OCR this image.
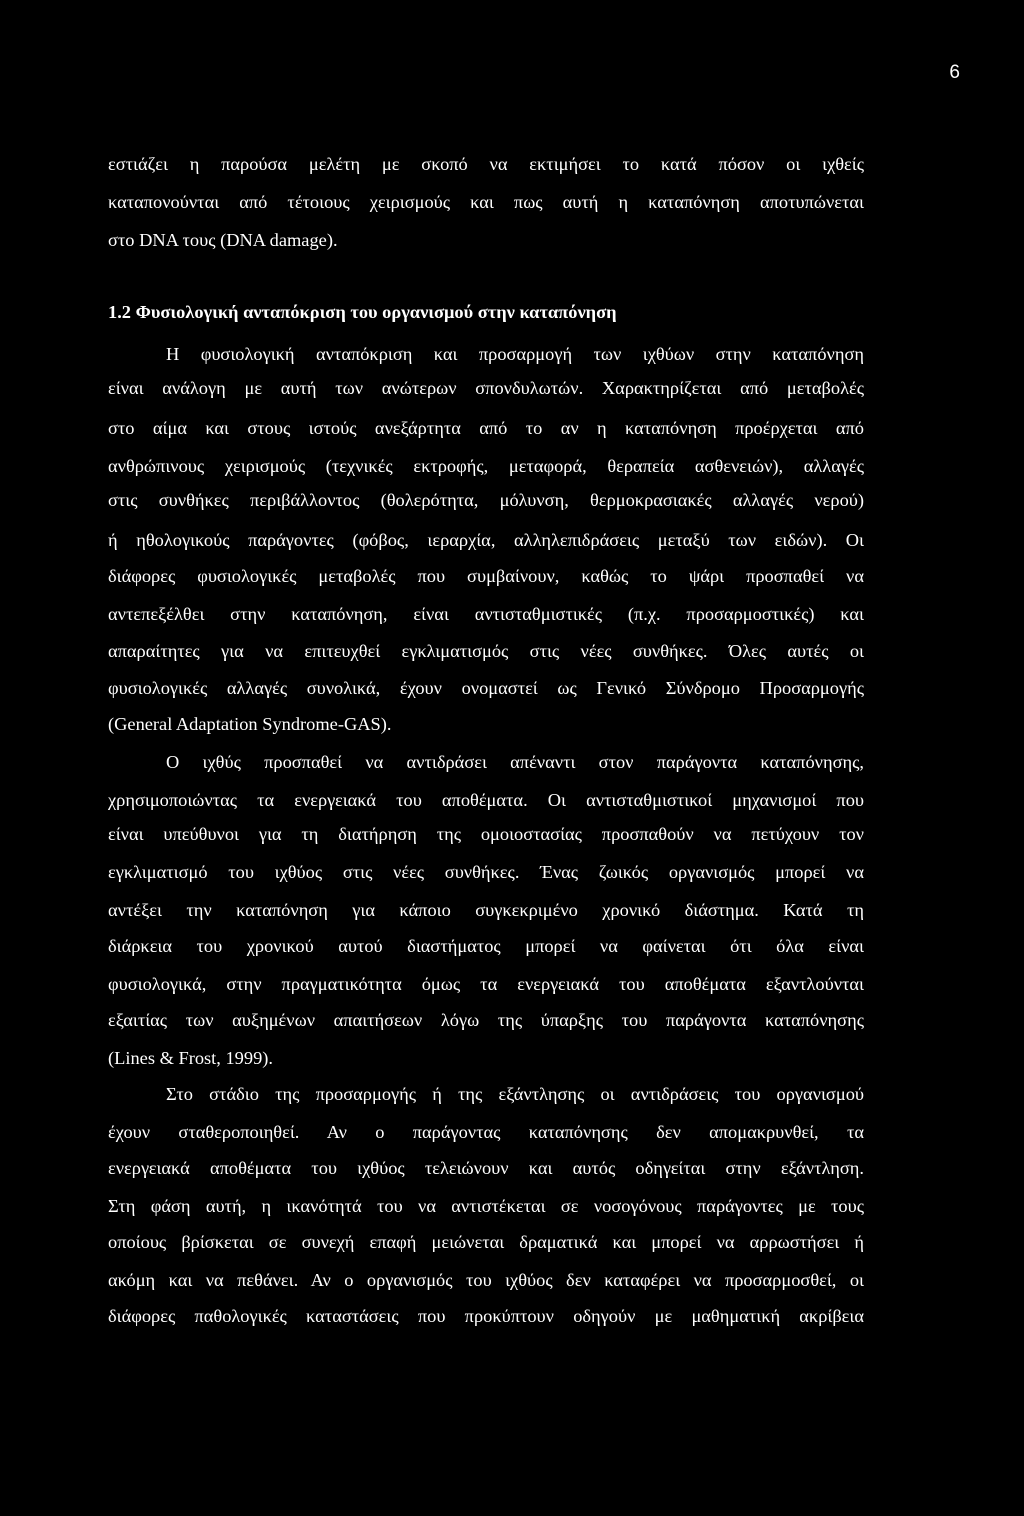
6
εστιάζει η παρούσα μελέτη με σκοπό να εκτιμήσει το κατά πόσον οι ιχθείς
καταπονούνται από τέτοιους χειρισμούς και πως αυτή η καταπόνηση αποτυπώνεται
στο DNA τους (DNA damage).
1.2 Φυσιολογική ανταπόκριση του οργανισμού στην καταπόνηση
Η φυσιολογική ανταπόκριση και προσαρμογή των ιχθύων στην καταπόνηση
είναι ανάλογη με αυτή των ανώτερων σπονδυλωτών. Χαρακτηρίζεται από μεταβολές
στο αίμα και στους ιστούς ανεξάρτητα από το αν η καταπόνηση προέρχεται από
ανθρώπινους χειρισμούς (τεχνικές εκτροφής, μεταφορά, θεραπεία ασθενειών), αλλαγές
στις συνθήκες περιβάλλοντος (θολερότητα, μόλυνση, θερμοκρασιακές αλλαγές νερού)
ή ηθολογικούς παράγοντες (φόβος, ιεραρχία, αλληλεπιδράσεις μεταξύ των ειδών). Οι
διάφορες φυσιολογικές μεταβολές που συμβαίνουν, καθώς το ψάρι προσπαθεί να
αντεπεξέλθει στην καταπόνηση, είναι αντισταθμιστικές (π.χ. προσαρμοστικές) και
απαραίτητες για να επιτευχθεί εγκλιματισμός στις νέες συνθήκες. Όλες αυτές οι
φυσιολογικές αλλαγές συνολικά, έχουν ονομαστεί ως Γενικό Σύνδρομο Προσαρμογής
(General Adaptation Syndrome-GAS).
Ο ιχθύς προσπαθεί να αντιδράσει απέναντι στον παράγοντα καταπόνησης,
χρησιμοποιώντας τα ενεργειακά του αποθέματα. Οι αντισταθμιστικοί μηχανισμοί που
είναι υπεύθυνοι για τη διατήρηση της ομοιοστασίας προσπαθούν να πετύχουν τον
εγκλιματισμό του ιχθύος στις νέες συνθήκες. Ένας ζωικός οργανισμός μπορεί να
αντέξει την καταπόνηση για κάποιο συγκεκριμένο χρονικό διάστημα. Κατά τη
διάρκεια του χρονικού αυτού διαστήματος μπορεί να φαίνεται ότι όλα είναι
φυσιολογικά, στην πραγματικότητα όμως τα ενεργειακά του αποθέματα εξαντλούνται
εξαιτίας των αυξημένων απαιτήσεων λόγω της ύπαρξης του παράγοντα καταπόνησης
(Lines & Frost, 1999).
Στο στάδιο της προσαρμογής ή της εξάντλησης οι αντιδράσεις του οργανισμού
έχουν σταθεροποιηθεί. Αν ο παράγοντας καταπόνησης δεν απομακρυνθεί, τα
ενεργειακά αποθέματα του ιχθύος τελειώνουν και αυτός οδηγείται στην εξάντληση.
Στη φάση αυτή, η ικανότητά του να αντιστέκεται σε νοσογόνους παράγοντες με τους
οποίους βρίσκεται σε συνεχή επαφή μειώνεται δραματικά και μπορεί να αρρωστήσει ή
ακόμη και να πεθάνει. Αν ο οργανισμός του ιχθύος δεν καταφέρει να προσαρμοσθεί, οι
διάφορες παθολογικές καταστάσεις που προκύπτουν οδηγούν με μαθηματική ακρίβεια
